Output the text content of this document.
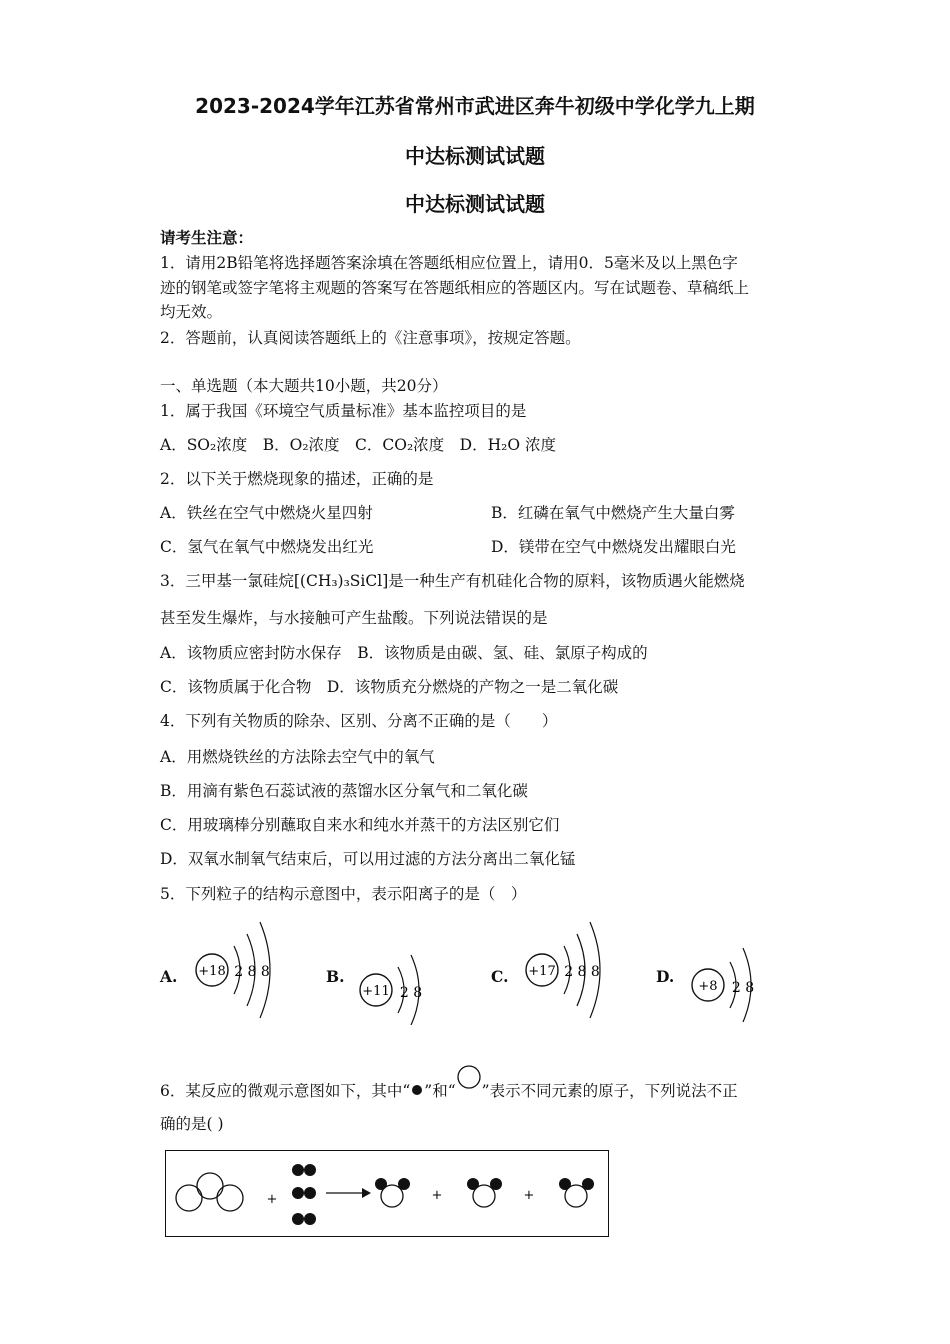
2023-2024学年江苏省常州市武进区奔牛初级中学化学九上期
中达标测试试题
中达标测试试题
请考生注意：
1．请用2B铅笔将选择题答案涂填在答题纸相应位置上，请用0．5毫米及以上黑色字
迹的钢笔或签字笔将主观题的答案写在答题纸相应的答题区内。写在试题卷、草稿纸上
均无效。
2．答题前，认真阅读答题纸上的《注意事项》，按规定答题。
一、单选题（本大题共10小题，共20分）
1．属于我国《环境空气质量标准》基本监控项目的是
A．SO₂浓度　B．O₂浓度　C．CO₂浓度　D．H₂O 浓度
2．以下关于燃烧现象的描述，正确的是
A．铁丝在空气中燃烧火星四射	B．红磷在氧气中燃烧产生大量白雾
C．氢气在氧气中燃烧发出红光	D．镁带在空气中燃烧发出耀眼白光
3．三甲基一氯硅烷[(CH₃)₃SiCl]是一种生产有机硅化合物的原料，该物质遇火能燃烧
甚至发生爆炸，与水接触可产生盐酸。下列说法错误的是
A．该物质应密封防水保存　B．该物质是由碳、氢、硅、氯原子构成的
C．该物质属于化合物　D．该物质充分燃烧的产物之一是二氧化碳
4．下列有关物质的除杂、区别、分离不正确的是（　　）
A．用燃烧铁丝的方法除去空气中的氧气
B．用滴有紫色石蕊试液的蒸馏水区分氧气和二氧化碳
C．用玻璃棒分别蘸取自来水和纯水并蒸干的方法区别它们
D．双氧水制氧气结束后，可以用过滤的方法分离出二氧化锰
5．下列粒子的结构示意图中，表示阳离子的是（　）
A. +18 2 8 8	B.
+11 2 8
C. +17 2 8 8	D.
+8 2 8
6．某反应的微观示意图如下，其中“ ”和“ ”表示不同元素的原子，下列说法不正
确的是( )
+	+	+
